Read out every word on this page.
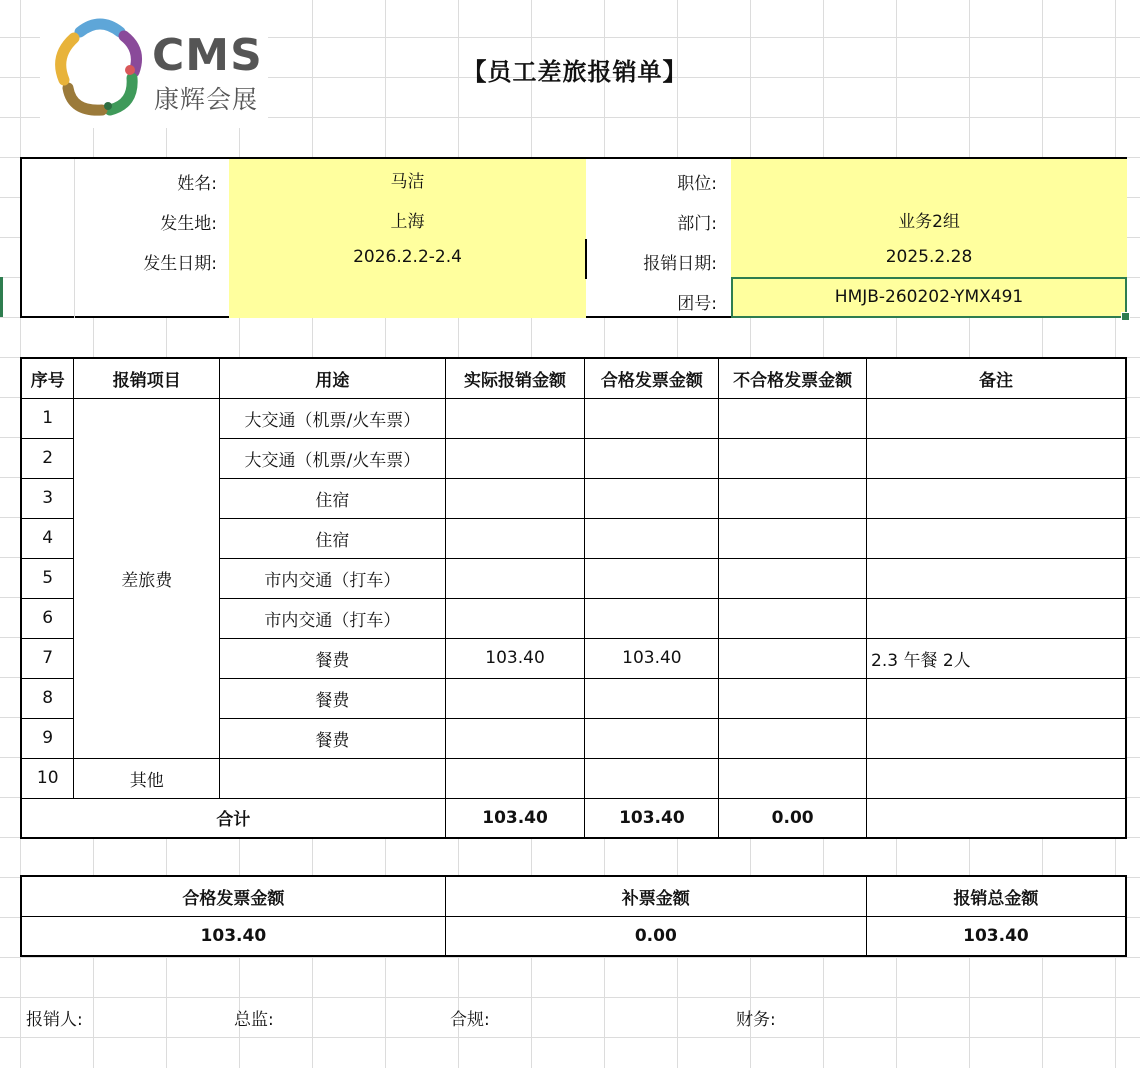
CMS
康辉会展
【员工差旅报销单】
姓名:	马洁
发生地:	上海
发生日期:	2026.2.2-2.4
职位:
部门:	业务2组
报销日期:	2025.2.28
团号:	HMJB-260202-YMX491
序号	报销项目	用途	实际报销金额	合格发票金额	不合格发票金额	备注
1	差旅费	大交通（机票/火车票）				
2		大交通（机票/火车票）				
3		住宿				
4		住宿				
5		市内交通（打车）				
6		市内交通（打车）				
7		餐费	103.40	103.40		2.3 午餐 2人
8		餐费				
9		餐费				
10	其他					
合计			103.40	103.40	0.00	
合格发票金额	补票金额	报销总金额
103.40	0.00	103.40
报销人:	总监:	合规:	财务:
